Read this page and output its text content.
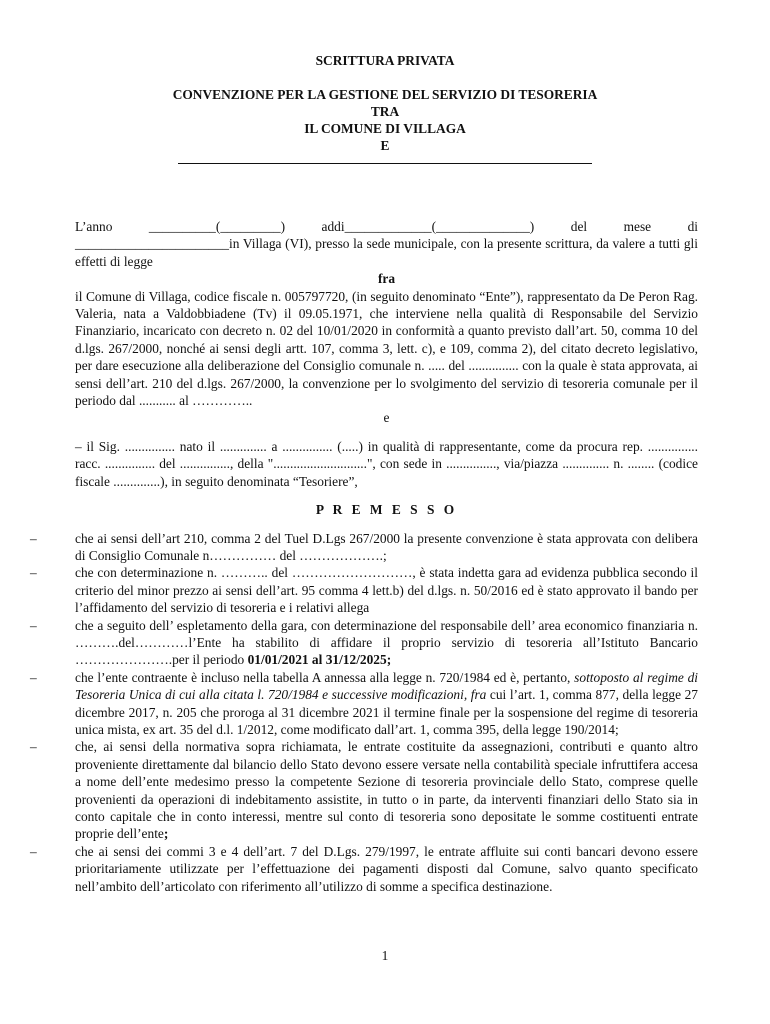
SCRITTURA PRIVATA
CONVENZIONE PER LA GESTIONE DEL SERVIZIO DI TESORERIA
TRA
IL COMUNE DI VILLAGA
E

L’anno __________(_________) addi_____________(______________) del mese di _______________________in Villaga (VI), presso la sede municipale, con la presente scrittura, da valere a tutti gli effetti di legge

fra

il Comune di Villaga, codice fiscale n. 005797720, (in seguito denominato “Ente”), rappresentato da De Peron Rag. Valeria, nata a Valdobbiadene (Tv) il 09.05.1971, che interviene nella qualità di Responsabile del Servizio Finanziario, incaricato con decreto n. 02 del 10/01/2020 in conformità a quanto previsto dall’art. 50, comma 10 del d.lgs. 267/2000, nonché ai sensi degli artt. 107, comma 3, lett. c), e 109, comma 2), del citato decreto legislativo, per dare esecuzione alla deliberazione del Consiglio comunale n. ..... del ............... con la quale è stata approvata, ai sensi dell’art. 210 del d.lgs. 267/2000, la convenzione per lo svolgimento del servizio di tesoreria comunale per il periodo dal ........... al …………..

e

– il Sig. ............... nato il .............. a ............... (.....) in qualità di rappresentante, come da procura rep. ............... racc. ............... del ..............., della "............................", con sede in ..............., via/piazza .............. n. ........ (codice fiscale ..............), in seguito denominata “Tesoriere”,

P R E M E S S O

–	che ai sensi dell’art 210, comma 2 del Tuel D.Lgs 267/2000 la presente convenzione è stata approvata con delibera di Consiglio Comunale n…………… del ……………….;
–	che con determinazione n. ……….. del ………………………, è stata indetta gara ad evidenza pubblica secondo il criterio del minor prezzo ai sensi dell’art. 95 comma 4 lett.b) del d.lgs. n. 50/2016 ed è stato approvato il bando per l’affidamento del servizio di tesoreria e i relativi allega
–	che a seguito dell’ espletamento della gara, con determinazione del responsabile dell’ area economico finanziaria n. ……….del…………l’Ente ha stabilito di affidare il proprio servizio di tesoreria all’Istituto Bancario ………………….per il periodo 01/01/2021 al 31/12/2025;
–	che l’ente contraente è incluso nella tabella A annessa alla legge n. 720/1984 ed è, pertanto, sottoposto al regime di Tesoreria Unica di cui alla citata l. 720/1984 e successive modificazioni, fra cui l’art. 1, comma 877, della legge 27 dicembre 2017, n. 205 che proroga al 31 dicembre 2021 il termine finale per la sospensione del regime di tesoreria unica mista, ex art. 35 del d.l. 1/2012, come modificato dall’art. 1, comma 395, della legge 190/2014;
–	che, ai sensi della normativa sopra richiamata, le entrate costituite da assegnazioni, contributi e quanto altro proveniente direttamente dal bilancio dello Stato devono essere versate nella contabilità speciale infruttifera accesa a nome dell’ente medesimo presso la competente Sezione di tesoreria provinciale dello Stato, comprese quelle provenienti da operazioni di indebitamento assistite, in tutto o in parte, da interventi finanziari dello Stato sia in conto capitale che in conto interessi, mentre sul conto di tesoreria sono depositate le somme costituenti entrate proprie dell’ente;
–	che ai sensi dei commi 3 e 4 dell’art. 7 del D.Lgs. 279/1997, le entrate affluite sui conti bancari devono essere prioritariamente utilizzate per l’effettuazione dei pagamenti disposti dal Comune, salvo quanto specificato nell’ambito dell’articolato con riferimento all’utilizzo di somme a specifica destinazione.
1
